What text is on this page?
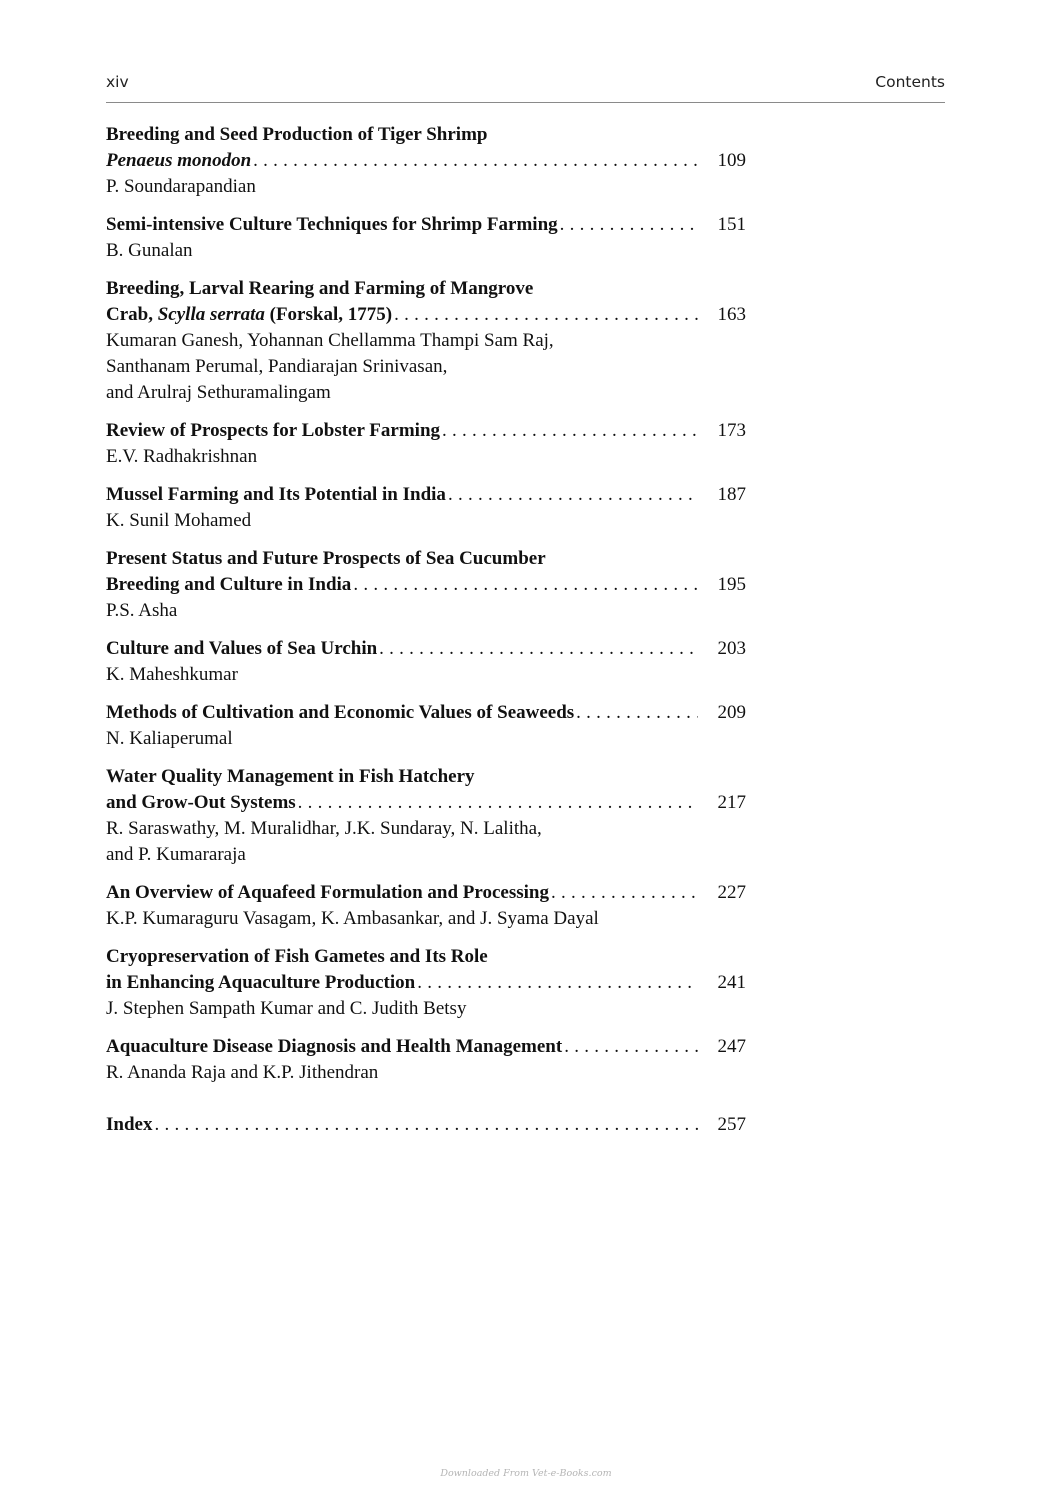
xiv	Contents
Breeding and Seed Production of Tiger Shrimp
Penaeus monodon . . .	109
P. Soundarapandian
Semi-intensive Culture Techniques for Shrimp Farming . . .	151
B. Gunalan
Breeding, Larval Rearing and Farming of Mangrove
Crab, Scylla serrata (Forskal, 1775) . . .	163
Kumaran Ganesh, Yohannan Chellamma Thampi Sam Raj,
Santhanam Perumal, Pandiarajan Srinivasan,
and Arulraj Sethuramalingam
Review of Prospects for Lobster Farming . . .	173
E.V. Radhakrishnan
Mussel Farming and Its Potential in India . . .	187
K. Sunil Mohamed
Present Status and Future Prospects of Sea Cucumber
Breeding and Culture in India . . .	195
P.S. Asha
Culture and Values of Sea Urchin . . .	203
K. Maheshkumar
Methods of Cultivation and Economic Values of Seaweeds . . .	209
N. Kaliaperumal
Water Quality Management in Fish Hatchery
and Grow-Out Systems . . .	217
R. Saraswathy, M. Muralidhar, J.K. Sundaray, N. Lalitha,
and P. Kumararaja
An Overview of Aquafeed Formulation and Processing . . .	227
K.P. Kumaraguru Vasagam, K. Ambasankar, and J. Syama Dayal
Cryopreservation of Fish Gametes and Its Role
in Enhancing Aquaculture Production . . .	241
J. Stephen Sampath Kumar and C. Judith Betsy
Aquaculture Disease Diagnosis and Health Management . . .	247
R. Ananda Raja and K.P. Jithendran
Index . . .	257
Downloaded From Vet-e-Books.com
